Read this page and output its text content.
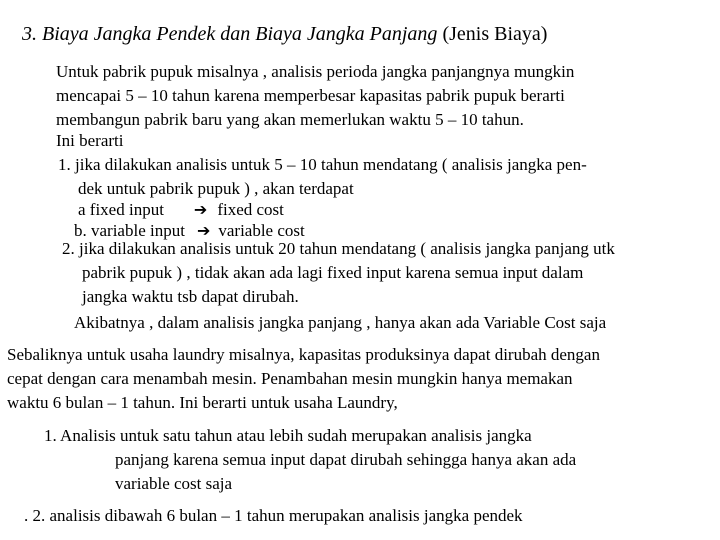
3. Biaya Jangka Pendek dan Biaya Jangka Panjang (Jenis Biaya)
Untuk pabrik pupuk misalnya , analisis perioda jangka panjangnya mungkin
mencapai 5 – 10 tahun karena memperbesar kapasitas pabrik pupuk berarti
membangun pabrik baru yang akan memerlukan waktu 5 – 10 tahun.
Ini berarti
1. jika dilakukan analisis untuk 5 – 10 tahun mendatang ( analisis jangka pen-
dek untuk pabrik pupuk ) , akan terdapat
a fixed input ➔ fixed cost
b. variable input ➔ variable cost
2. jika dilakukan analisis untuk 20 tahun mendatang ( analisis jangka panjang utk
pabrik pupuk ) , tidak akan ada lagi fixed input karena semua input dalam
jangka waktu tsb dapat dirubah.
Akibatnya , dalam analisis jangka panjang , hanya akan ada Variable Cost saja
Sebaliknya untuk usaha laundry misalnya, kapasitas produksinya dapat dirubah dengan
cepat dengan cara menambah mesin. Penambahan mesin mungkin hanya memakan
waktu 6 bulan – 1 tahun. Ini berarti untuk usaha Laundry,
1. Analisis untuk satu tahun atau lebih sudah merupakan analisis jangka
panjang karena semua input dapat dirubah sehingga hanya akan ada
variable cost saja
. 2. analisis dibawah 6 bulan – 1 tahun merupakan analisis jangka pendek
